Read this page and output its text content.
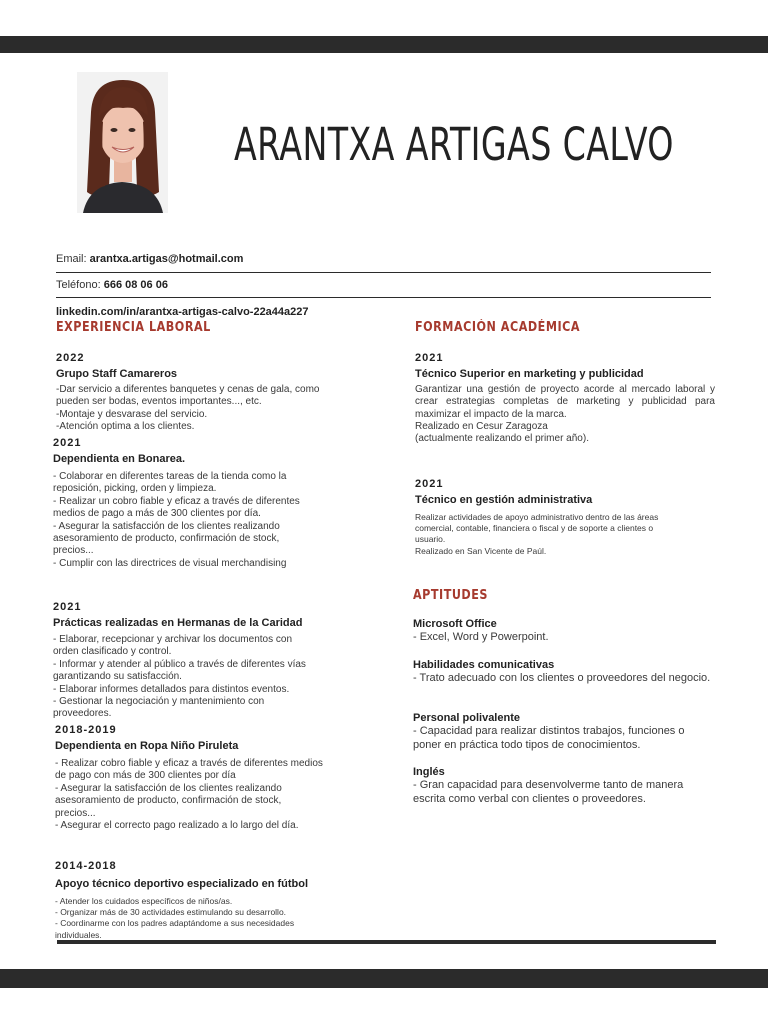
ARANTXA ARTIGAS CALVO
Email: arantxa.artigas@hotmail.com
Teléfono: 666 08 06 06
linkedin.com/in/arantxa-artigas-calvo-22a44a227
EXPERIENCIA LABORAL
2022
Grupo Staff Camareros
-Dar servicio a diferentes banquetes y cenas de gala, como
pueden ser bodas, eventos importantes..., etc.
-Montaje y desvarase del servicio.
-Atención optima a los clientes.
2021
Dependienta en Bonarea.
- Colaborar en diferentes tareas de la tienda como la
reposición, picking, orden y limpieza.
- Realizar un cobro fiable y eficaz a través de diferentes
medios de pago a más de 300 clientes por día.
- Asegurar la satisfacción de los clientes realizando
asesoramiento de producto, confirmación de stock,
precios...
- Cumplir con las directrices de visual merchandising
2021
Prácticas realizadas en Hermanas de la Caridad
- Elaborar, recepcionar y archivar los documentos con
orden clasificado y control.
- Informar y atender al público a través de diferentes vías
garantizando su satisfacción.
- Elaborar informes detallados para distintos eventos.
- Gestionar la negociación y mantenimiento con
proveedores.
2018-2019
Dependienta en Ropa Niño Piruleta
- Realizar cobro fiable y eficaz a través de diferentes medios
de pago con más de 300 clientes por día
- Asegurar la satisfacción de los clientes realizando
asesoramiento de producto, confirmación de stock,
precios...
- Asegurar el correcto pago realizado a lo largo del día.
2014-2018
Apoyo técnico deportivo especializado en fútbol
- Atender los cuidados específicos de niños/as.
- Organizar más de 30 actividades estimulando su desarrollo.
- Coordinarme con los padres adaptándome a sus necesidades
individuales.
FORMACIÓN ACADÉMICA
2021
Técnico Superior en marketing y publicidad
Garantizar una gestión de proyecto acorde al mercado laboral y crear estrategias completas de marketing y publicidad para maximizar el impacto de la marca.
Realizado en Cesur Zaragoza
(actualmente realizando el primer año).
2021
Técnico en gestión administrativa
Realizar actividades de apoyo administrativo dentro de las áreas
comercial, contable, financiera o fiscal y de soporte a clientes o
usuario.
Realizado en San Vicente de Paúl.
APTITUDES
Microsoft Office
- Excel, Word y Powerpoint.
Habilidades comunicativas
- Trato adecuado con los clientes o proveedores del negocio.
Personal polivalente
- Capacidad para realizar distintos trabajos, funciones o poner en práctica todo tipos de conocimientos.
Inglés
- Gran capacidad para desenvolverme tanto de manera escrita como verbal con clientes o proveedores.
